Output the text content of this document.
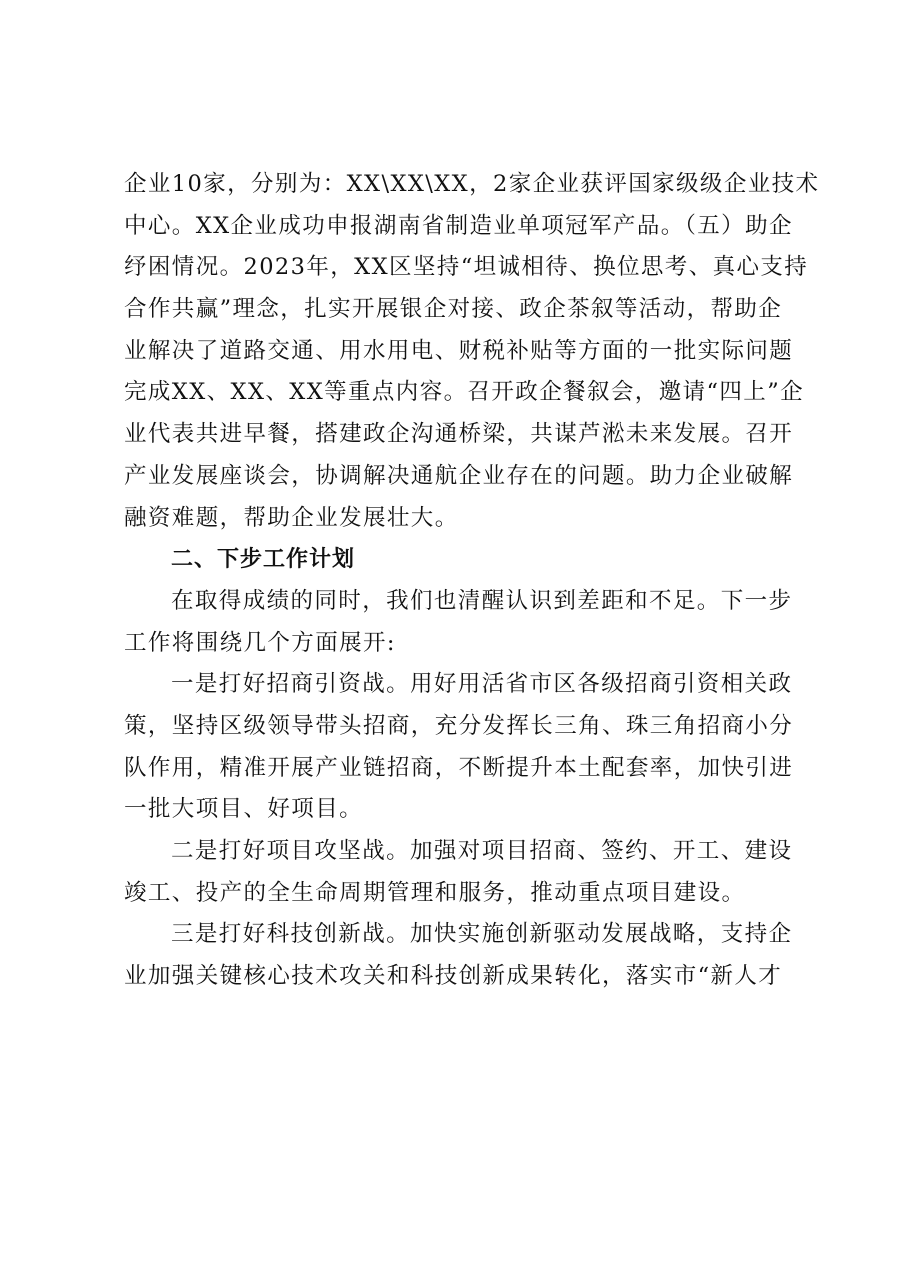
企业10家，分别为：XX\XX\XX，2家企业获评国家级级企业技术
中心。XX企业成功申报湖南省制造业单项冠军产品。（五）助企
纾困情况。2023年，XX区坚持“坦诚相待、换位思考、真心支持
合作共赢”理念，扎实开展银企对接、政企茶叙等活动，帮助企
业解决了道路交通、用水用电、财税补贴等方面的一批实际问题
完成XX、XX、XX等重点内容。召开政企餐叙会，邀请“四上”企
业代表共进早餐，搭建政企沟通桥梁，共谋芦淞未来发展。召开
产业发展座谈会，协调解决通航企业存在的问题。助力企业破解
融资难题，帮助企业发展壮大。
二、下步工作计划
在取得成绩的同时，我们也清醒认识到差距和不足。下一步
工作将围绕几个方面展开:
一是打好招商引资战。用好用活省市区各级招商引资相关政
策，坚持区级领导带头招商，充分发挥长三角、珠三角招商小分
队作用，精准开展产业链招商，不断提升本土配套率，加快引进
一批大项目、好项目。
二是打好项目攻坚战。加强对项目招商、签约、开工、建设
竣工、投产的全生命周期管理和服务，推动重点项目建设。
三是打好科技创新战。加快实施创新驱动发展战略，支持企
业加强关键核心技术攻关和科技创新成果转化，落实市“新人才
